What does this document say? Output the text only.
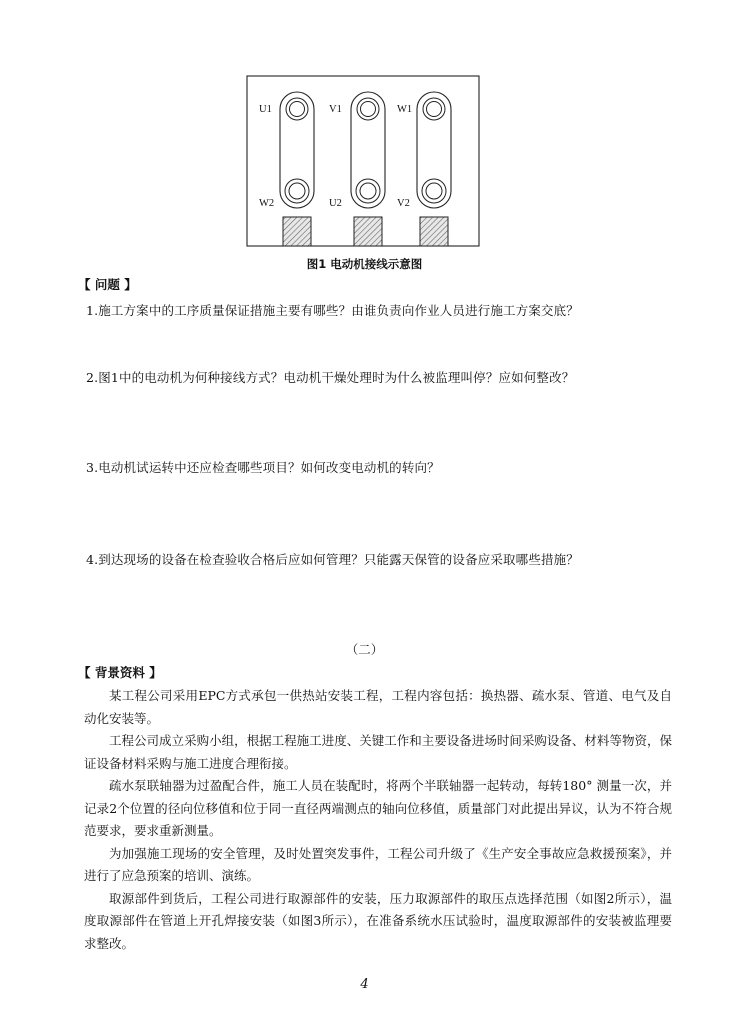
U1	V1	W1
W2	U2	V2
图1 电动机接线示意图
【 问题 】
1.施工方案中的工序质量保证措施主要有哪些？由谁负责向作业人员进行施工方案交底？
2.图1中的电动机为何种接线方式？电动机干燥处理时为什么被监理叫停？应如何整改？
3.电动机试运转中还应检查哪些项目？如何改变电动机的转向？
4.到达现场的设备在检查验收合格后应如何管理？只能露天保管的设备应采取哪些措施？
（二）
【 背景资料 】

某工程公司采用EPC方式承包一供热站安装工程，工程内容包括：换热器、疏水泵、管道、电气及自动化安装等。

工程公司成立采购小组，根据工程施工进度、关键工作和主要设备进场时间采购设备、材料等物资，保证设备材料采购与施工进度合理衔接。

疏水泵联轴器为过盈配合件，施工人员在装配时，将两个半联轴器一起转动，每转180° 测量一次，并记录2个位置的径向位移值和位于同一直径两端测点的轴向位移值，质量部门对此提出异议，认为不符合规范要求，要求重新测量。

为加强施工现场的安全管理，及时处置突发事件，工程公司升级了《生产安全事故应急救援预案》，并进行了应急预案的培训、演练。

取源部件到货后，工程公司进行取源部件的安装，压力取源部件的取压点选择范围（如图2所示），温度取源部件在管道上开孔焊接安装（如图3所示），在准备系统水压试验时，温度取源部件的安装被监理要求整改。

4
